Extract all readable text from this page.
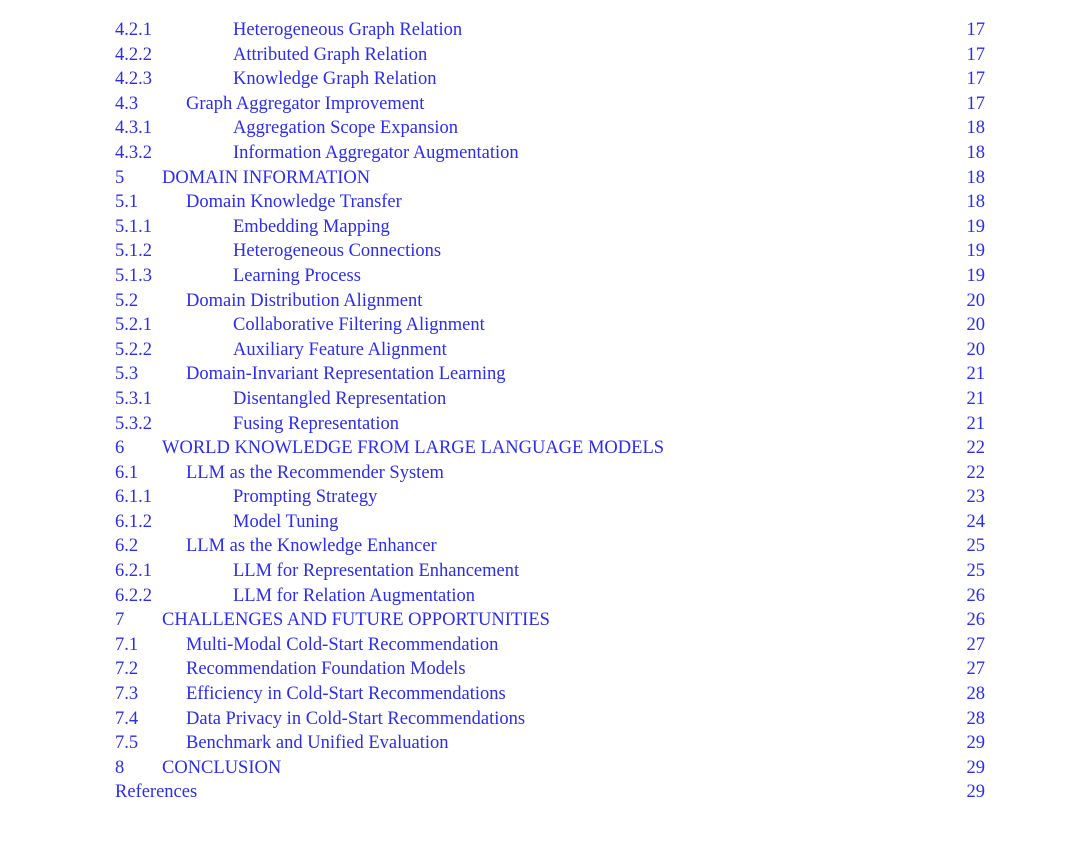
4.2.1	Heterogeneous Graph Relation	17
4.2.2	Attributed Graph Relation	17
4.2.3	Knowledge Graph Relation	17
4.3	Graph Aggregator Improvement	17
4.3.1	Aggregation Scope Expansion	18
4.3.2	Information Aggregator Augmentation	18
5 DOMAIN INFORMATION	18
5.1	Domain Knowledge Transfer	18
5.1.1	Embedding Mapping	19
5.1.2	Heterogeneous Connections	19
5.1.3	Learning Process	19
5.2	Domain Distribution Alignment	20
5.2.1	Collaborative Filtering Alignment	20
5.2.2	Auxiliary Feature Alignment	20
5.3	Domain-Invariant Representation Learning	21
5.3.1	Disentangled Representation	21
5.3.2	Fusing Representation	21
6 WORLD KNOWLEDGE FROM LARGE LANGUAGE MODELS	22
6.1	LLM as the Recommender System	22
6.1.1	Prompting Strategy	23
6.1.2	Model Tuning	24
6.2	LLM as the Knowledge Enhancer	25
6.2.1	LLM for Representation Enhancement	25
6.2.2	LLM for Relation Augmentation	26
7 CHALLENGES AND FUTURE OPPORTUNITIES	26
7.1	Multi-Modal Cold-Start Recommendation	27
7.2	Recommendation Foundation Models	27
7.3	Efficiency in Cold-Start Recommendations	28
7.4	Data Privacy in Cold-Start Recommendations	28
7.5	Benchmark and Unified Evaluation	29
8 CONCLUSION	29
References	29
